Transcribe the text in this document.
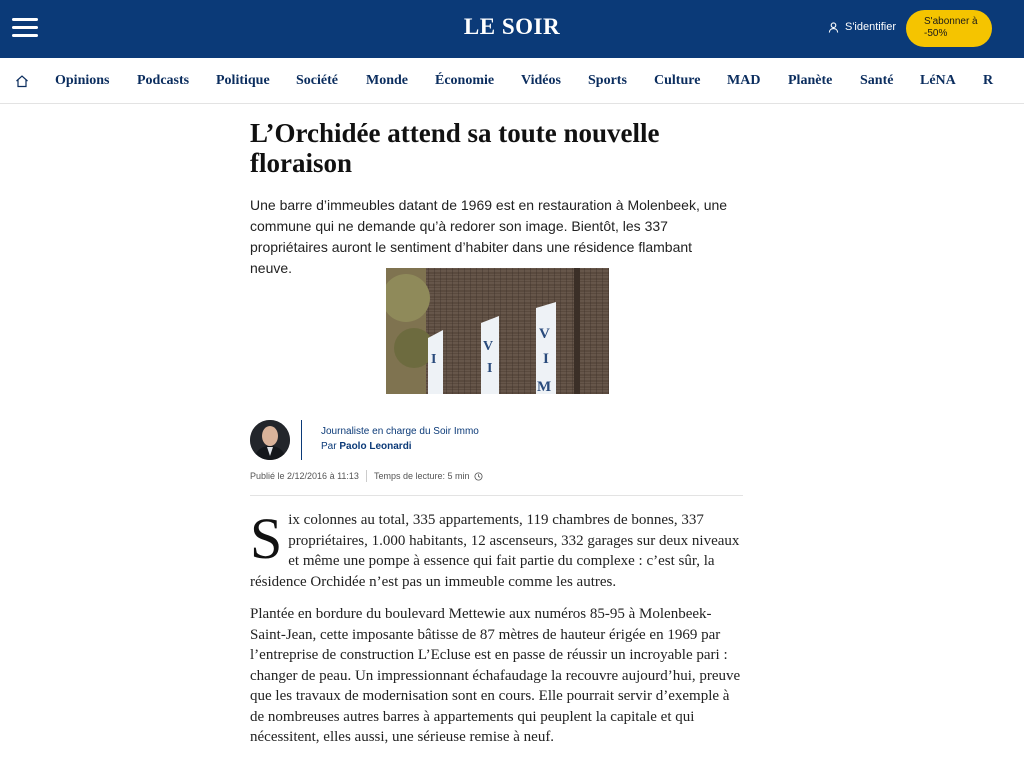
LE SOIR	S'identifier	S'abonner à -50%
Opinions Podcasts Politique Société Monde Économie Vidéos Sports Culture MAD Planète Santé LéNA R
L’Orchidée attend sa toute nouvelle floraison

Une barre d’immeubles datant de 1969 est en restauration à Molenbeek, une commune qui ne demande qu’à redorer son image. Bientôt, les 337 propriétaires auront le sentiment d’habiter dans une résidence flambant neuve.

I
V
I
V
I
M
Journaliste en charge du Soir Immo
Par Paolo Leonardi
Publié le 2/12/2016 à 11:13 Temps de lecture: 5 min

Six colonnes au total, 335 appartements, 119 chambres de bonnes, 337 propriétaires, 1.000 habitants, 12 ascenseurs, 332 garages sur deux niveaux et même une pompe à essence qui fait partie du complexe : c’est sûr, la résidence Orchidée n’est pas un immeuble comme les autres.

Plantée en bordure du boulevard Mettewie aux numéros 85-95 à Molenbeek-Saint-Jean, cette imposante bâtisse de 87 mètres de hauteur érigée en 1969 par l’entreprise de construction L’Ecluse est en passe de réussir un incroyable pari : changer de peau. Un impressionnant échafaudage la recouvre aujourd’hui, preuve que les travaux de modernisation sont en cours. Elle pourrait servir d’exemple à de nombreuses autres barres à appartements qui peuplent la capitale et qui nécessitent, elles aussi, une sérieuse remise à neuf.
